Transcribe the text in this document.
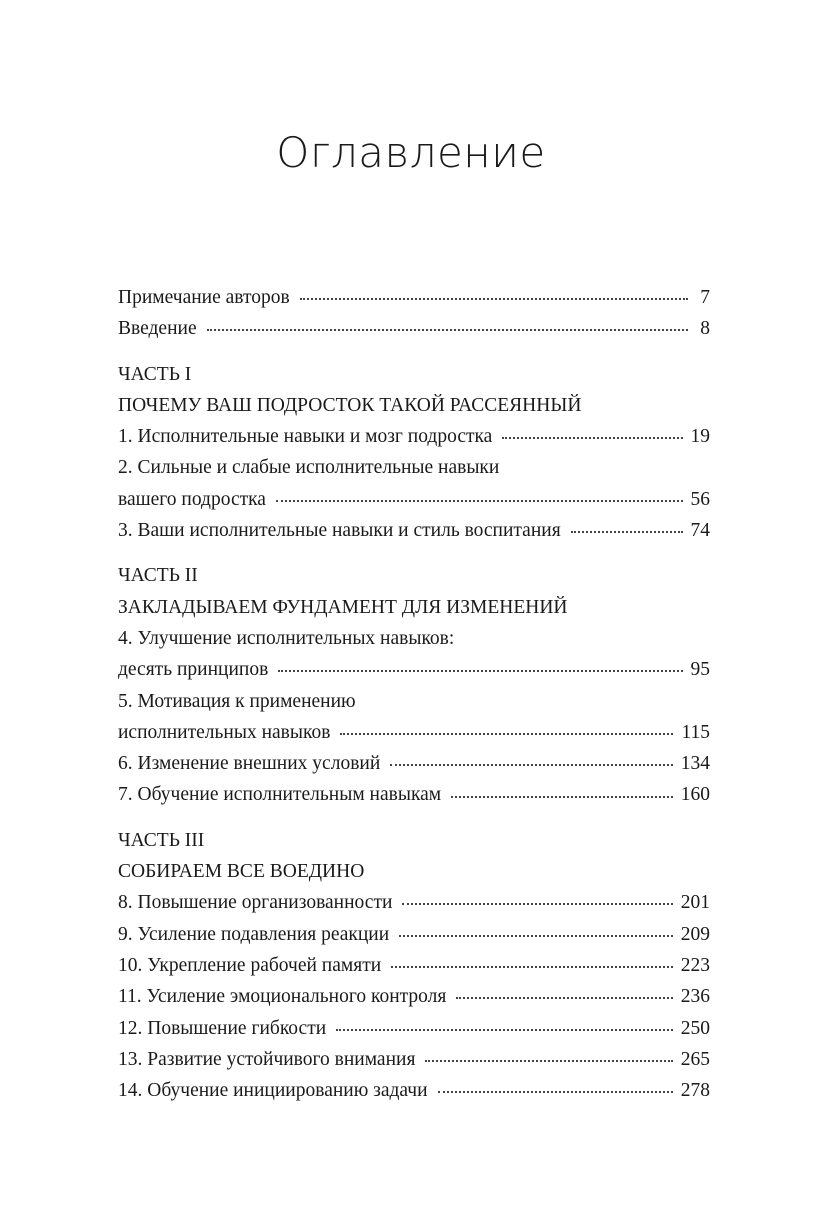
Оглавление
Примечание авторов	7
Введение	8
ЧАСТЬ I
ПОЧЕМУ ВАШ ПОДРОСТОК ТАКОЙ РАССЕЯННЫЙ
1. Исполнительные навыки и мозг подростка	19
2. Сильные и слабые исполнительные навыки
вашего подростка	56
3. Ваши исполнительные навыки и стиль воспитания	74
ЧАСТЬ II
ЗАКЛАДЫВАЕМ ФУНДАМЕНТ ДЛЯ ИЗМЕНЕНИЙ
4. Улучшение исполнительных навыков:
десять принципов	95
5. Мотивация к применению
исполнительных навыков	115
6. Изменение внешних условий	134
7. Обучение исполнительным навыкам	160
ЧАСТЬ III
СОБИРАЕМ ВСЕ ВОЕДИНО
8. Повышение организованности	201
9. Усиление подавления реакции	209
10. Укрепление рабочей памяти	223
11. Усиление эмоционального контроля	236
12. Повышение гибкости	250
13. Развитие устойчивого внимания	265
14. Обучение инициированию задачи	278
